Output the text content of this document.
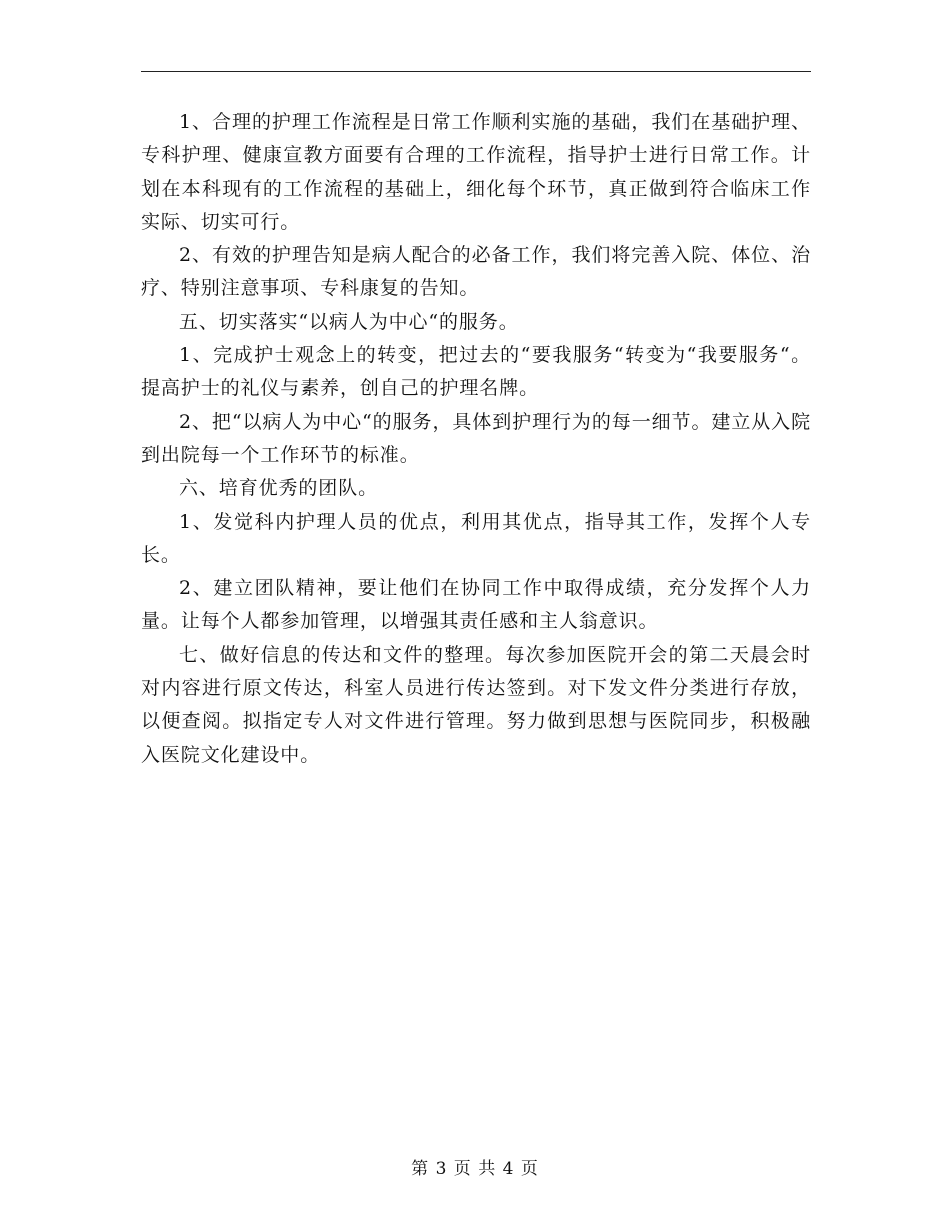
1、合理的护理工作流程是日常工作顺利实施的基础，我们在基础护理、专科护理、健康宣教方面要有合理的工作流程，指导护士进行日常工作。计划在本科现有的工作流程的基础上，细化每个环节，真正做到符合临床工作实际、切实可行。

2、有效的护理告知是病人配合的必备工作，我们将完善入院、体位、治疗、特别注意事项、专科康复的告知。

五、切实落实“以病人为中心“的服务。

1、完成护士观念上的转变，把过去的“要我服务“转变为“我要服务“。提高护士的礼仪与素养，创自己的护理名牌。

2、把“以病人为中心“的服务，具体到护理行为的每一细节。建立从入院到出院每一个工作环节的标准。

六、培育优秀的团队。

1、发觉科内护理人员的优点，利用其优点，指导其工作，发挥个人专长。

2、建立团队精神，要让他们在协同工作中取得成绩，充分发挥个人力量。让每个人都参加管理，以增强其责任感和主人翁意识。

七、做好信息的传达和文件的整理。每次参加医院开会的第二天晨会时对内容进行原文传达，科室人员进行传达签到。对下发文件分类进行存放，以便查阅。拟指定专人对文件进行管理。努力做到思想与医院同步，积极融入医院文化建设中。

第 3 页 共 4 页
